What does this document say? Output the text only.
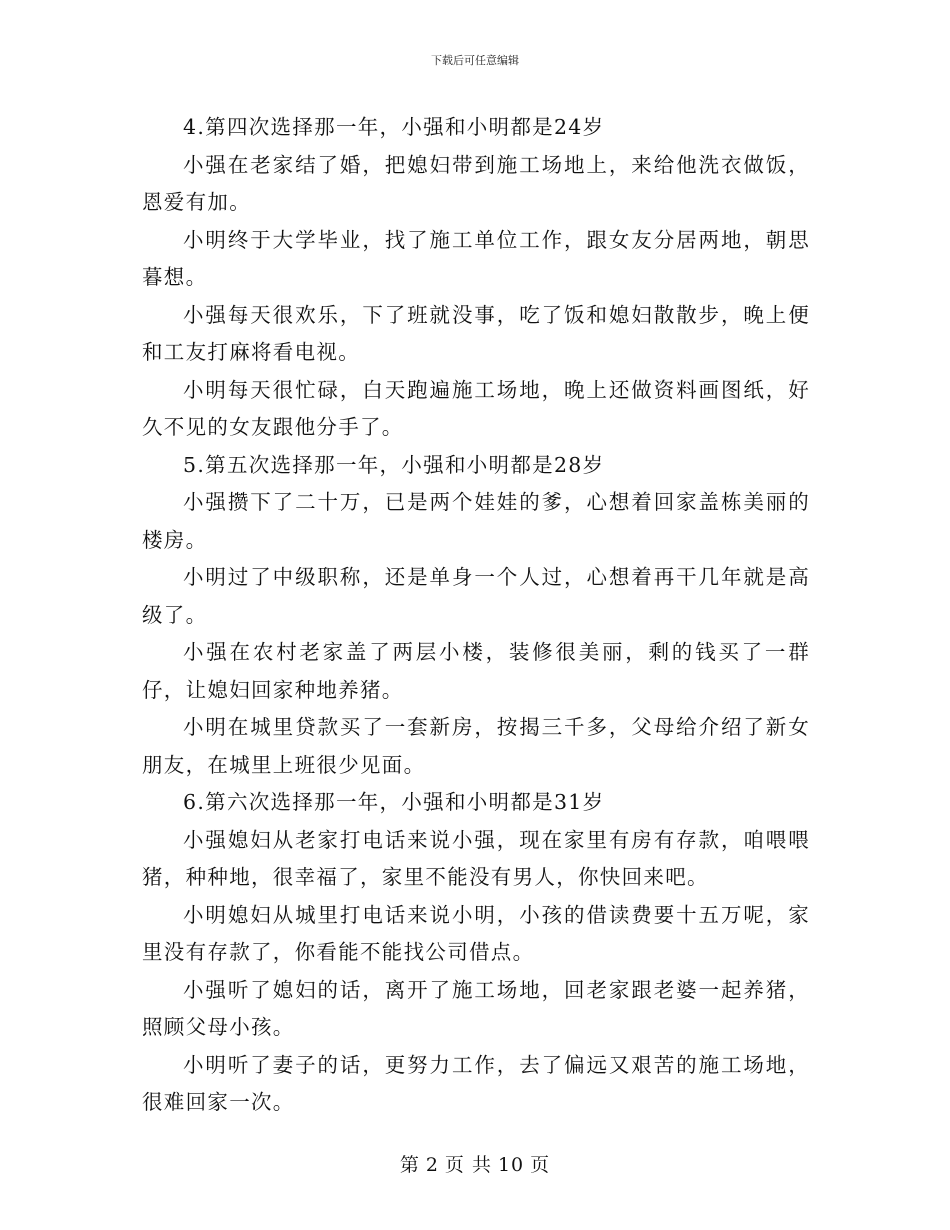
下载后可任意编辑

4.第四次选择那一年，小强和小明都是24岁

小强在老家结了婚，把媳妇带到施工场地上，来给他洗衣做饭，恩爱有加。

小明终于大学毕业，找了施工单位工作，跟女友分居两地，朝思暮想。

小强每天很欢乐，下了班就没事，吃了饭和媳妇散散步，晚上便和工友打麻将看电视。

小明每天很忙碌，白天跑遍施工场地，晚上还做资料画图纸，好久不见的女友跟他分手了。

5.第五次选择那一年，小强和小明都是28岁

小强攒下了二十万，已是两个娃娃的爹，心想着回家盖栋美丽的楼房。

小明过了中级职称，还是单身一个人过，心想着再干几年就是高级了。

小强在农村老家盖了两层小楼，装修很美丽，剩的钱买了一群仔，让媳妇回家种地养猪。

小明在城里贷款买了一套新房，按揭三千多，父母给介绍了新女朋友，在城里上班很少见面。

6.第六次选择那一年，小强和小明都是31岁

小强媳妇从老家打电话来说小强，现在家里有房有存款，咱喂喂猪，种种地，很幸福了，家里不能没有男人，你快回来吧。

小明媳妇从城里打电话来说小明，小孩的借读费要十五万呢，家里没有存款了，你看能不能找公司借点。

小强听了媳妇的话，离开了施工场地，回老家跟老婆一起养猪，照顾父母小孩。

小明听了妻子的话，更努力工作，去了偏远又艰苦的施工场地，很难回家一次。

第 2 页 共 10 页
